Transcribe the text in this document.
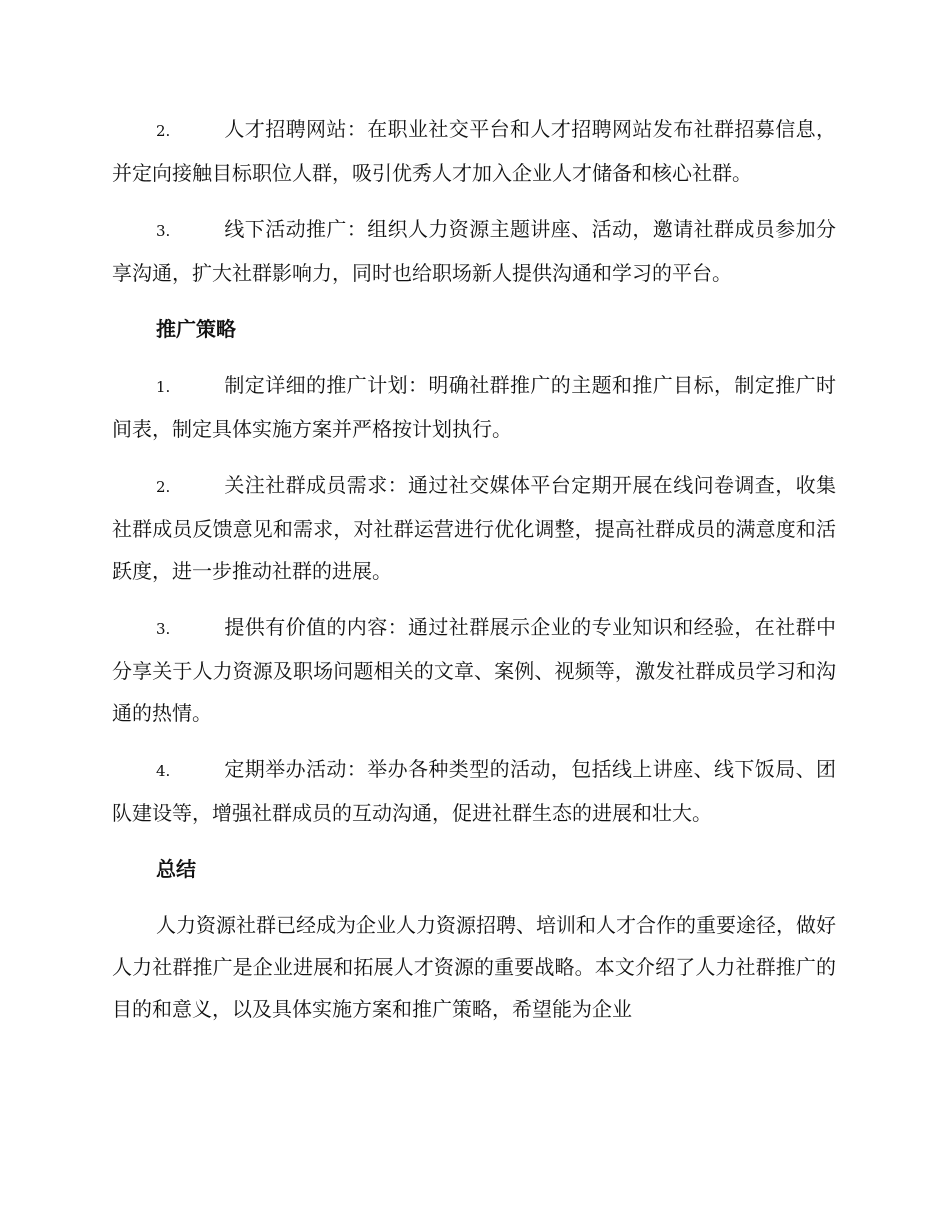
2.	人才招聘网站：在职业社交平台和人才招聘网站发布社群招募信息，并定向接触目标职位人群，吸引优秀人才加入企业人才储备和核心社群。
3.	线下活动推广：组织人力资源主题讲座、活动，邀请社群成员参加分享沟通，扩大社群影响力，同时也给职场新人提供沟通和学习的平台。
推广策略
1.	制定详细的推广计划：明确社群推广的主题和推广目标，制定推广时间表，制定具体实施方案并严格按计划执行。
2.	关注社群成员需求：通过社交媒体平台定期开展在线问卷调查，收集社群成员反馈意见和需求，对社群运营进行优化调整，提高社群成员的满意度和活跃度，进一步推动社群的进展。
3.	提供有价值的内容：通过社群展示企业的专业知识和经验，在社群中分享关于人力资源及职场问题相关的文章、案例、视频等，激发社群成员学习和沟通的热情。
4.	定期举办活动：举办各种类型的活动，包括线上讲座、线下饭局、团队建设等，增强社群成员的互动沟通，促进社群生态的进展和壮大。
总结

人力资源社群已经成为企业人力资源招聘、培训和人才合作的重要途径，做好人力社群推广是企业进展和拓展人才资源的重要战略。本文介绍了人力社群推广的目的和意义，以及具体实施方案和推广策略，希望能为企业
